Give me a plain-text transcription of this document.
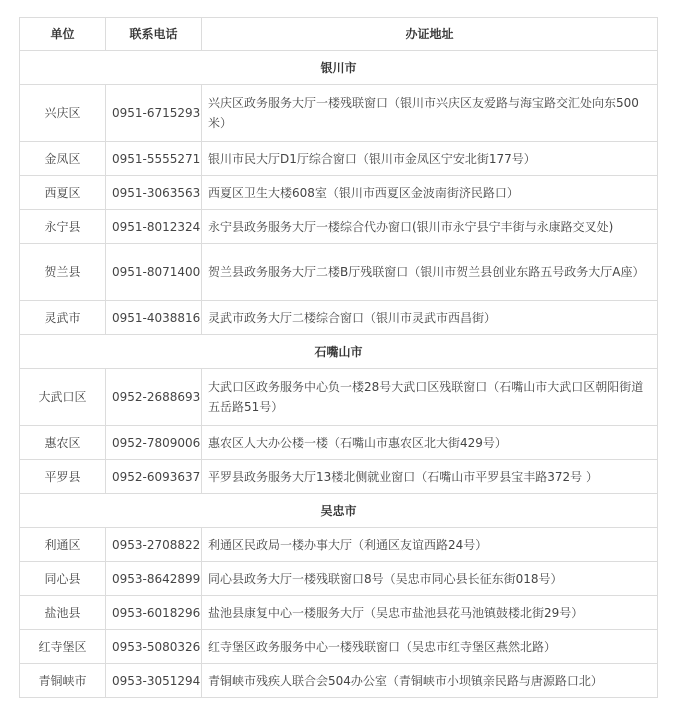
单位	联系电话	办证地址
银川市		
兴庆区	0951-6715293	兴庆区政务服务大厅一楼残联窗口（银川市兴庆区友爱路与海宝路交汇处向东500米）
金凤区	0951-5555271	银川市民大厅D1厅综合窗口（银川市金凤区宁安北街177号）
西夏区	0951-3063563	西夏区卫生大楼608室（银川市西夏区金波南街济民路口）
永宁县	0951-8012324	永宁县政务服务大厅一楼综合代办窗口(银川市永宁县宁丰街与永康路交叉处)
贺兰县	0951-8071400	贺兰县政务服务大厅二楼B厅残联窗口（银川市贺兰县创业东路五号政务大厅A座）
灵武市	0951-4038816	灵武市政务大厅二楼综合窗口（银川市灵武市西昌街）
石嘴山市		
大武口区	0952-2688693	大武口区政务服务中心负一楼28号大武口区残联窗口（石嘴山市大武口区朝阳街道五岳路51号）
惠农区	0952-7809006	惠农区人大办公楼一楼（石嘴山市惠农区北大街429号）
平罗县	0952-6093637	平罗县政务服务大厅13楼北侧就业窗口（石嘴山市平罗县宝丰路372号 ）
吴忠市		
利通区	0953-2708822	利通区民政局一楼办事大厅（利通区友谊西路24号）
同心县	0953-8642899	同心县政务大厅一楼残联窗口8号（吴忠市同心县长征东街018号）
盐池县	0953-6018296	盐池县康复中心一楼服务大厅（吴忠市盐池县花马池镇鼓楼北街29号）
红寺堡区	0953-5080326	红寺堡区政务服务中心一楼残联窗口（吴忠市红寺堡区燕然北路）
青铜峡市	0953-3051294	青铜峡市残疾人联合会504办公室（青铜峡市小坝镇亲民路与唐源路口北）
